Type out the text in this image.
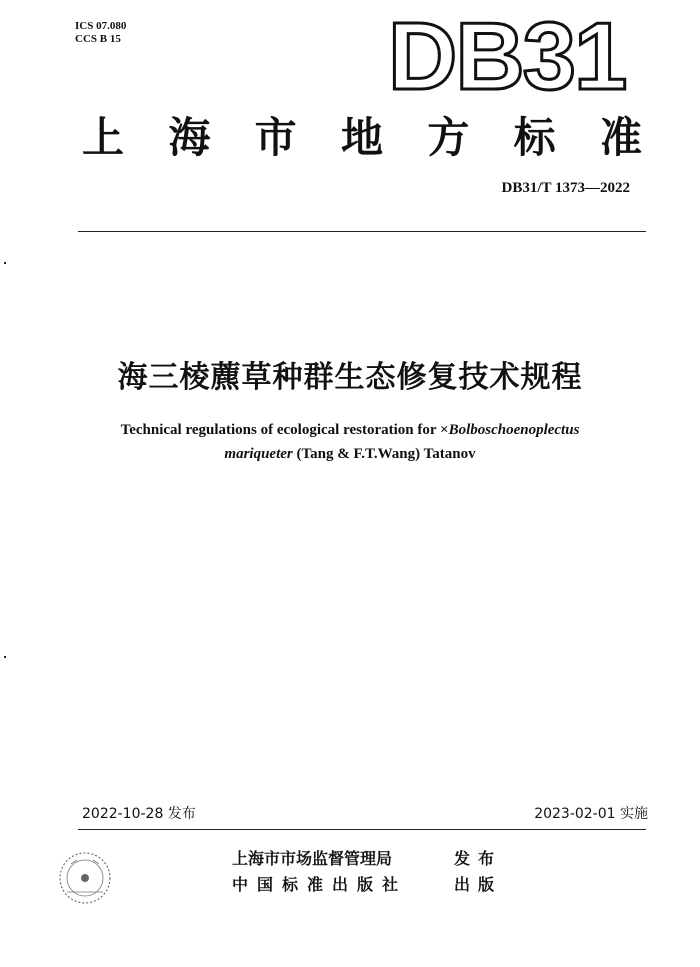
ICS 07.080
CCS B 15	DB31
上 海 市 地 方 标 准
DB31/T 1373—2022
海三棱藨草种群生态修复技术规程
Technical regulations of ecological restoration for ×Bolboschoenoplectus
mariqueter (Tang & F.T.Wang) Tatanov
2022-10-28 发布	2023-02-01 实施
上海市市场监督管理局	发布
中国标准出版社	出版
